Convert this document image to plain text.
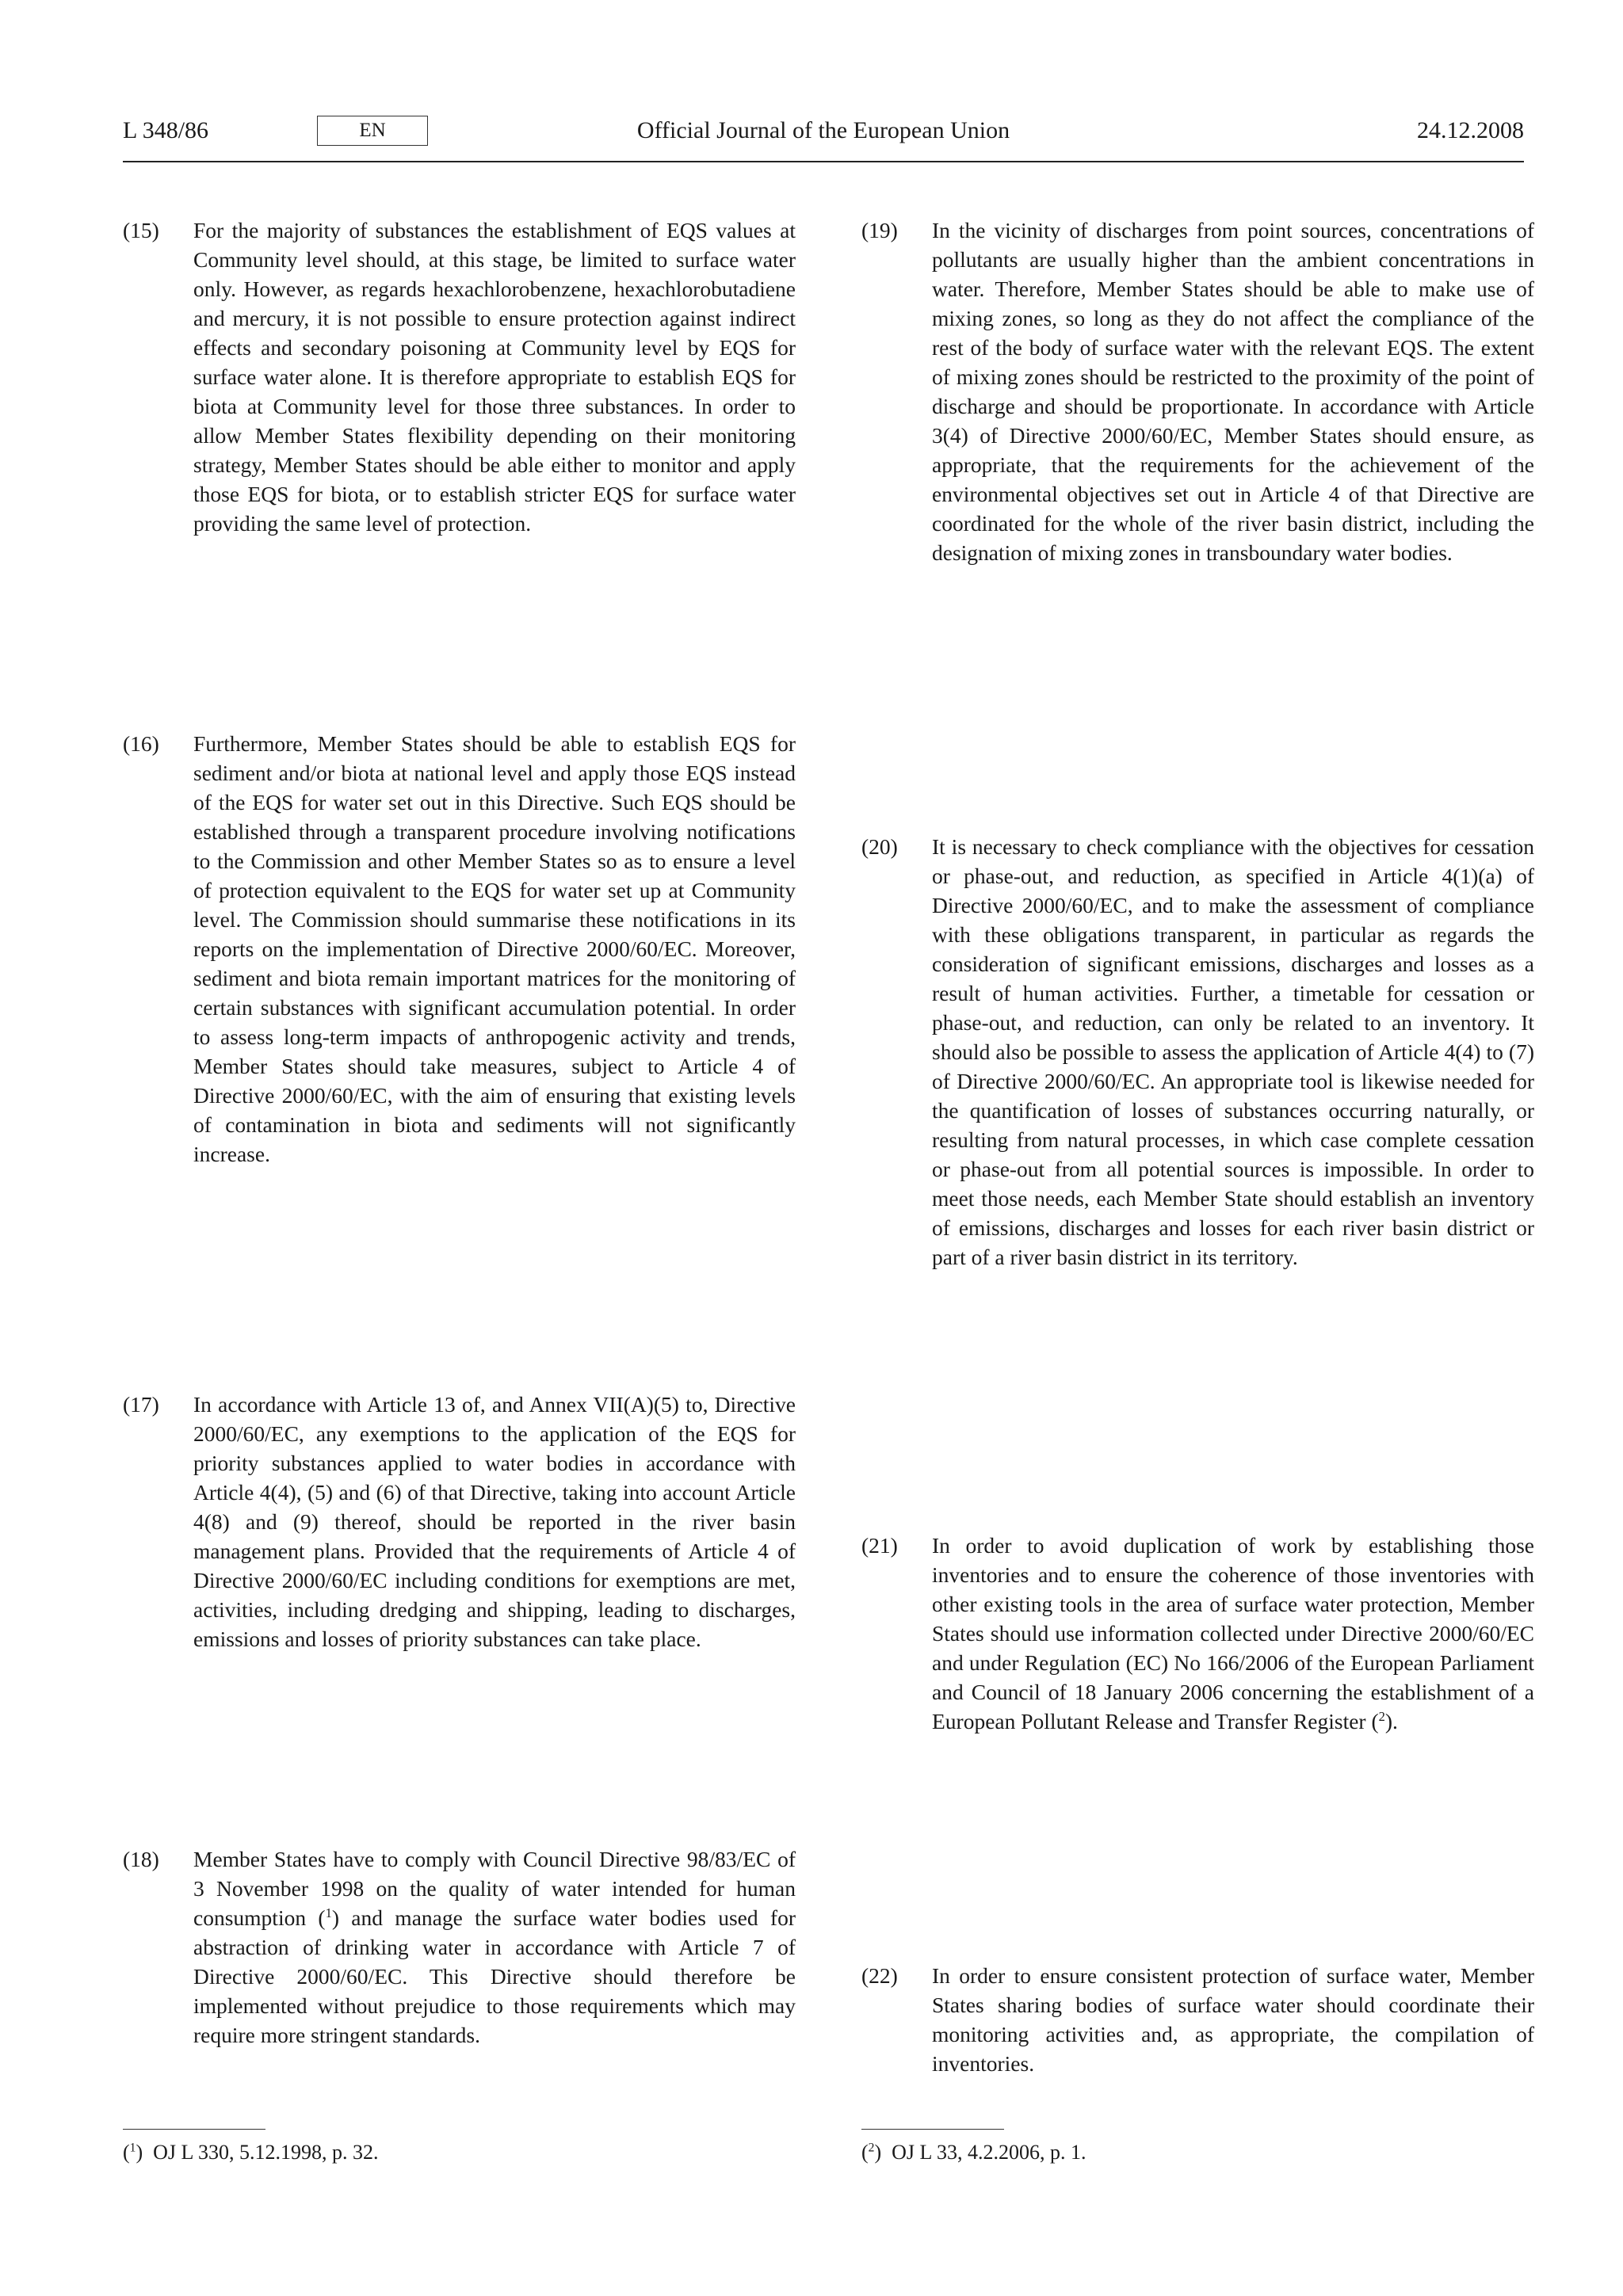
L 348/86	EN	Official Journal of the European Union	24.12.2008
(15) For the majority of substances the establishment of EQS values at Community level should, at this stage, be limited to surface water only. However, as regards hexachlorobenzene, hexachlorobutadiene and mercury, it is not possible to ensure protection against indirect effects and secondary poisoning at Community level by EQS for surface water alone. It is therefore appropriate to establish EQS for biota at Community level for those three substances. In order to allow Member States flexibility depending on their monitoring strategy, Member States should be able either to monitor and apply those EQS for biota, or to establish stricter EQS for surface water providing the same level of protection.
(16) Furthermore, Member States should be able to establish EQS for sediment and/or biota at national level and apply those EQS instead of the EQS for water set out in this Directive. Such EQS should be established through a transparent procedure involving notifications to the Commission and other Member States so as to ensure a level of protection equivalent to the EQS for water set up at Community level. The Commission should summarise these notifications in its reports on the implementation of Directive 2000/60/EC. Moreover, sediment and biota remain important matrices for the monitoring of certain substances with significant accumulation potential. In order to assess long-term impacts of anthropogenic activity and trends, Member States should take measures, subject to Article 4 of Directive 2000/60/EC, with the aim of ensuring that existing levels of contamination in biota and sediments will not significantly increase.
(17) In accordance with Article 13 of, and Annex VII(A)(5) to, Directive 2000/60/EC, any exemptions to the application of the EQS for priority substances applied to water bodies in accordance with Article 4(4), (5) and (6) of that Directive, taking into account Article 4(8) and (9) thereof, should be reported in the river basin management plans. Provided that the requirements of Article 4 of Directive 2000/60/EC including conditions for exemptions are met, activities, including dredging and shipping, leading to discharges, emissions and losses of priority substances can take place.
(18) Member States have to comply with Council Directive 98/83/EC of 3 November 1998 on the quality of water intended for human consumption ($^1$) and manage the surface water bodies used for abstraction of drinking water in accordance with Article 7 of Directive 2000/60/EC. This Directive should therefore be implemented without prejudice to those requirements which may require more stringent standards.
(19) In the vicinity of discharges from point sources, concentrations of pollutants are usually higher than the ambient concentrations in water. Therefore, Member States should be able to make use of mixing zones, so long as they do not affect the compliance of the rest of the body of surface water with the relevant EQS. The extent of mixing zones should be restricted to the proximity of the point of discharge and should be proportionate. In accordance with Article 3(4) of Directive 2000/60/EC, Member States should ensure, as appropriate, that the requirements for the achievement of the environmental objectives set out in Article 4 of that Directive are coordinated for the whole of the river basin district, including the designation of mixing zones in transboundary water bodies.
(20) It is necessary to check compliance with the objectives for cessation or phase-out, and reduction, as specified in Article 4(1)(a) of Directive 2000/60/EC, and to make the assessment of compliance with these obligations transparent, in particular as regards the consideration of significant emissions, discharges and losses as a result of human activities. Further, a timetable for cessation or phase-out, and reduction, can only be related to an inventory. It should also be possible to assess the application of Article 4(4) to (7) of Directive 2000/60/EC. An appropriate tool is likewise needed for the quantification of losses of substances occurring naturally, or resulting from natural processes, in which case complete cessation or phase-out from all potential sources is impossible. In order to meet those needs, each Member State should establish an inventory of emissions, discharges and losses for each river basin district or part of a river basin district in its territory.
(21) In order to avoid duplication of work by establishing those inventories and to ensure the coherence of those inventories with other existing tools in the area of surface water protection, Member States should use information collected under Directive 2000/60/EC and under Regulation (EC) No 166/2006 of the European Parliament and Council of 18 January 2006 concerning the establishment of a European Pollutant Release and Transfer Register ($^2$).
(22) In order to ensure consistent protection of surface water, Member States sharing bodies of surface water should coordinate their monitoring activities and, as appropriate, the compilation of inventories.
($^1$)  OJ L 330, 5.12.1998, p. 32.	($^2$)  OJ L 33, 4.2.2006, p. 1.
